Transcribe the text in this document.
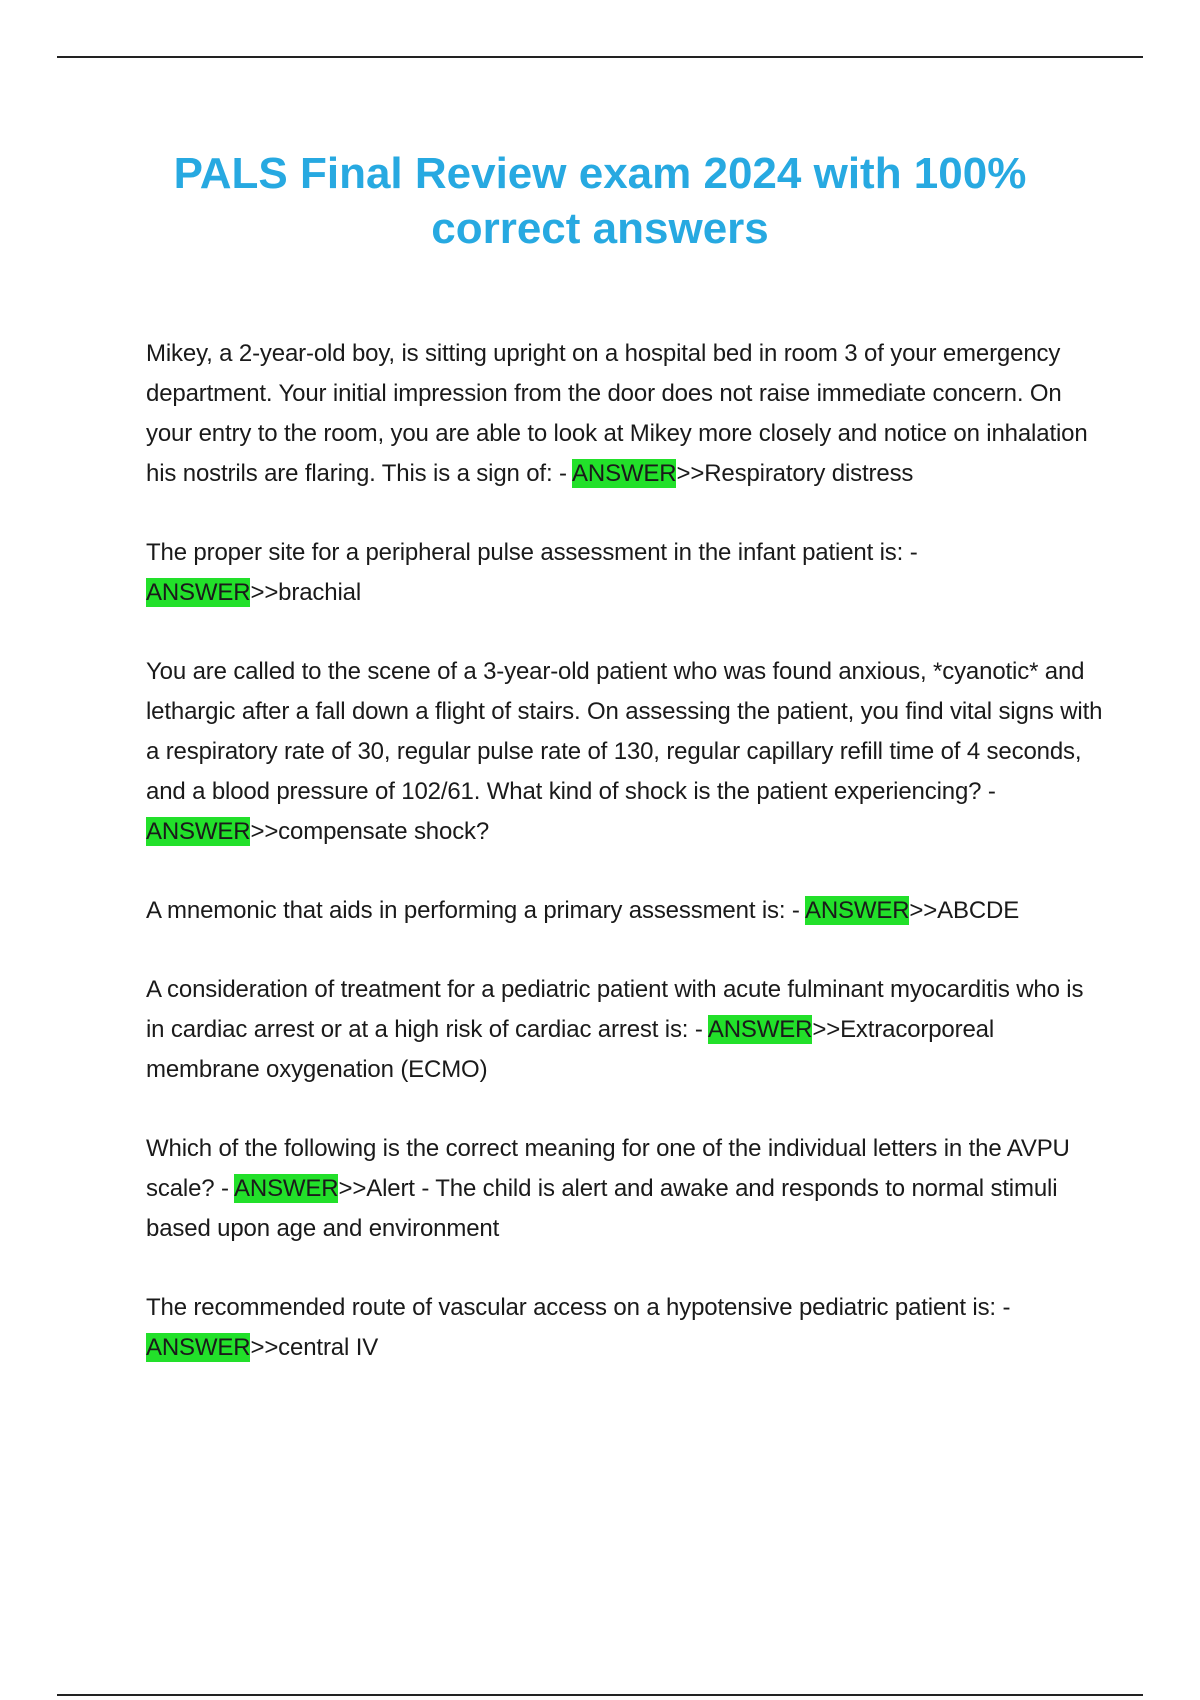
PALS Final Review exam 2024 with 100% correct answers

Mikey, a 2-year-old boy, is sitting upright on a hospital bed in room 3 of your emergency department. Your initial impression from the door does not raise immediate concern. On your entry to the room, you are able to look at Mikey more closely and notice on inhalation his nostrils are flaring. This is a sign of: - ANSWER>>Respiratory distress

The proper site for a peripheral pulse assessment in the infant patient is: - ANSWER>>brachial

You are called to the scene of a 3-year-old patient who was found anxious, *cyanotic* and lethargic after a fall down a flight of stairs. On assessing the patient, you find vital signs with a respiratory rate of 30, regular pulse rate of 130, regular capillary refill time of 4 seconds, and a blood pressure of 102/61. What kind of shock is the patient experiencing? - ANSWER>>compensate shock?

A mnemonic that aids in performing a primary assessment is: - ANSWER>>ABCDE

A consideration of treatment for a pediatric patient with acute fulminant myocarditis who is in cardiac arrest or at a high risk of cardiac arrest is: - ANSWER>>Extracorporeal membrane oxygenation (ECMO)

Which of the following is the correct meaning for one of the individual letters in the AVPU scale? - ANSWER>>Alert - The child is alert and awake and responds to normal stimuli based upon age and environment

The recommended route of vascular access on a hypotensive pediatric patient is: - ANSWER>>central IV
